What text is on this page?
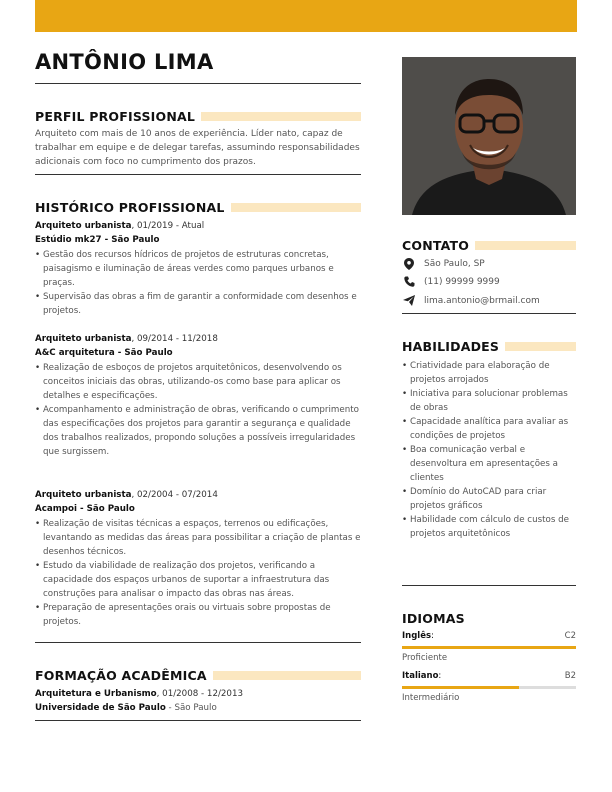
ANTÔNIO LIMA
PERFIL PROFISSIONAL

Arquiteto com mais de 10 anos de experiência. Líder nato, capaz de trabalhar em equipe e de delegar tarefas, assumindo responsabilidades adicionais com foco no cumprimento dos prazos.

HISTÓRICO PROFISSIONAL
Arquiteto urbanista, 01/2019 - Atual
Estúdio mk27 - São Paulo
• Gestão dos recursos hídricos de projetos de estruturas concretas, paisagismo e iluminação de áreas verdes como parques urbanos e praças.
• Supervisão das obras a fim de garantir a conformidade com desenhos e projetos.
Arquiteto urbanista, 09/2014 - 11/2018
A&C arquitetura - São Paulo
• Realização de esboços de projetos arquitetônicos, desenvolvendo os conceitos iniciais das obras, utilizando-os como base para aplicar os detalhes e especificações.
• Acompanhamento e administração de obras, verificando o cumprimento das especificações dos projetos para garantir a segurança e qualidade dos trabalhos realizados, propondo soluções a possíveis irregularidades que surgissem.
Arquiteto urbanista, 02/2004 - 07/2014
Acampoi - São Paulo
• Realização de visitas técnicas a espaços, terrenos ou edificações, levantando as medidas das áreas para possibilitar a criação de plantas e desenhos técnicos.
• Estudo da viabilidade de realização dos projetos, verificando a capacidade dos espaços urbanos de suportar a infraestrutura das construções para analisar o impacto das obras nas áreas.
• Preparação de apresentações orais ou virtuais sobre propostas de projetos.
FORMAÇÃO ACADÊMICA
Arquitetura e Urbanismo, 01/2008 - 12/2013
Universidade de São Paulo - São Paulo
CONTATO
São Paulo, SP
(11) 99999 9999
lima.antonio@brmail.com
HABILIDADES
• Criatividade para elaboração de projetos arrojados
• Iniciativa para solucionar problemas de obras
• Capacidade analítica para avaliar as condições de projetos
• Boa comunicação verbal e desenvoltura em apresentações a clientes
• Domínio do AutoCAD para criar projetos gráficos
• Habilidade com cálculo de custos de projetos arquitetônicos
IDIOMAS
Inglês:	C2
Proficiente
Italiano:	B2
Intermediário
